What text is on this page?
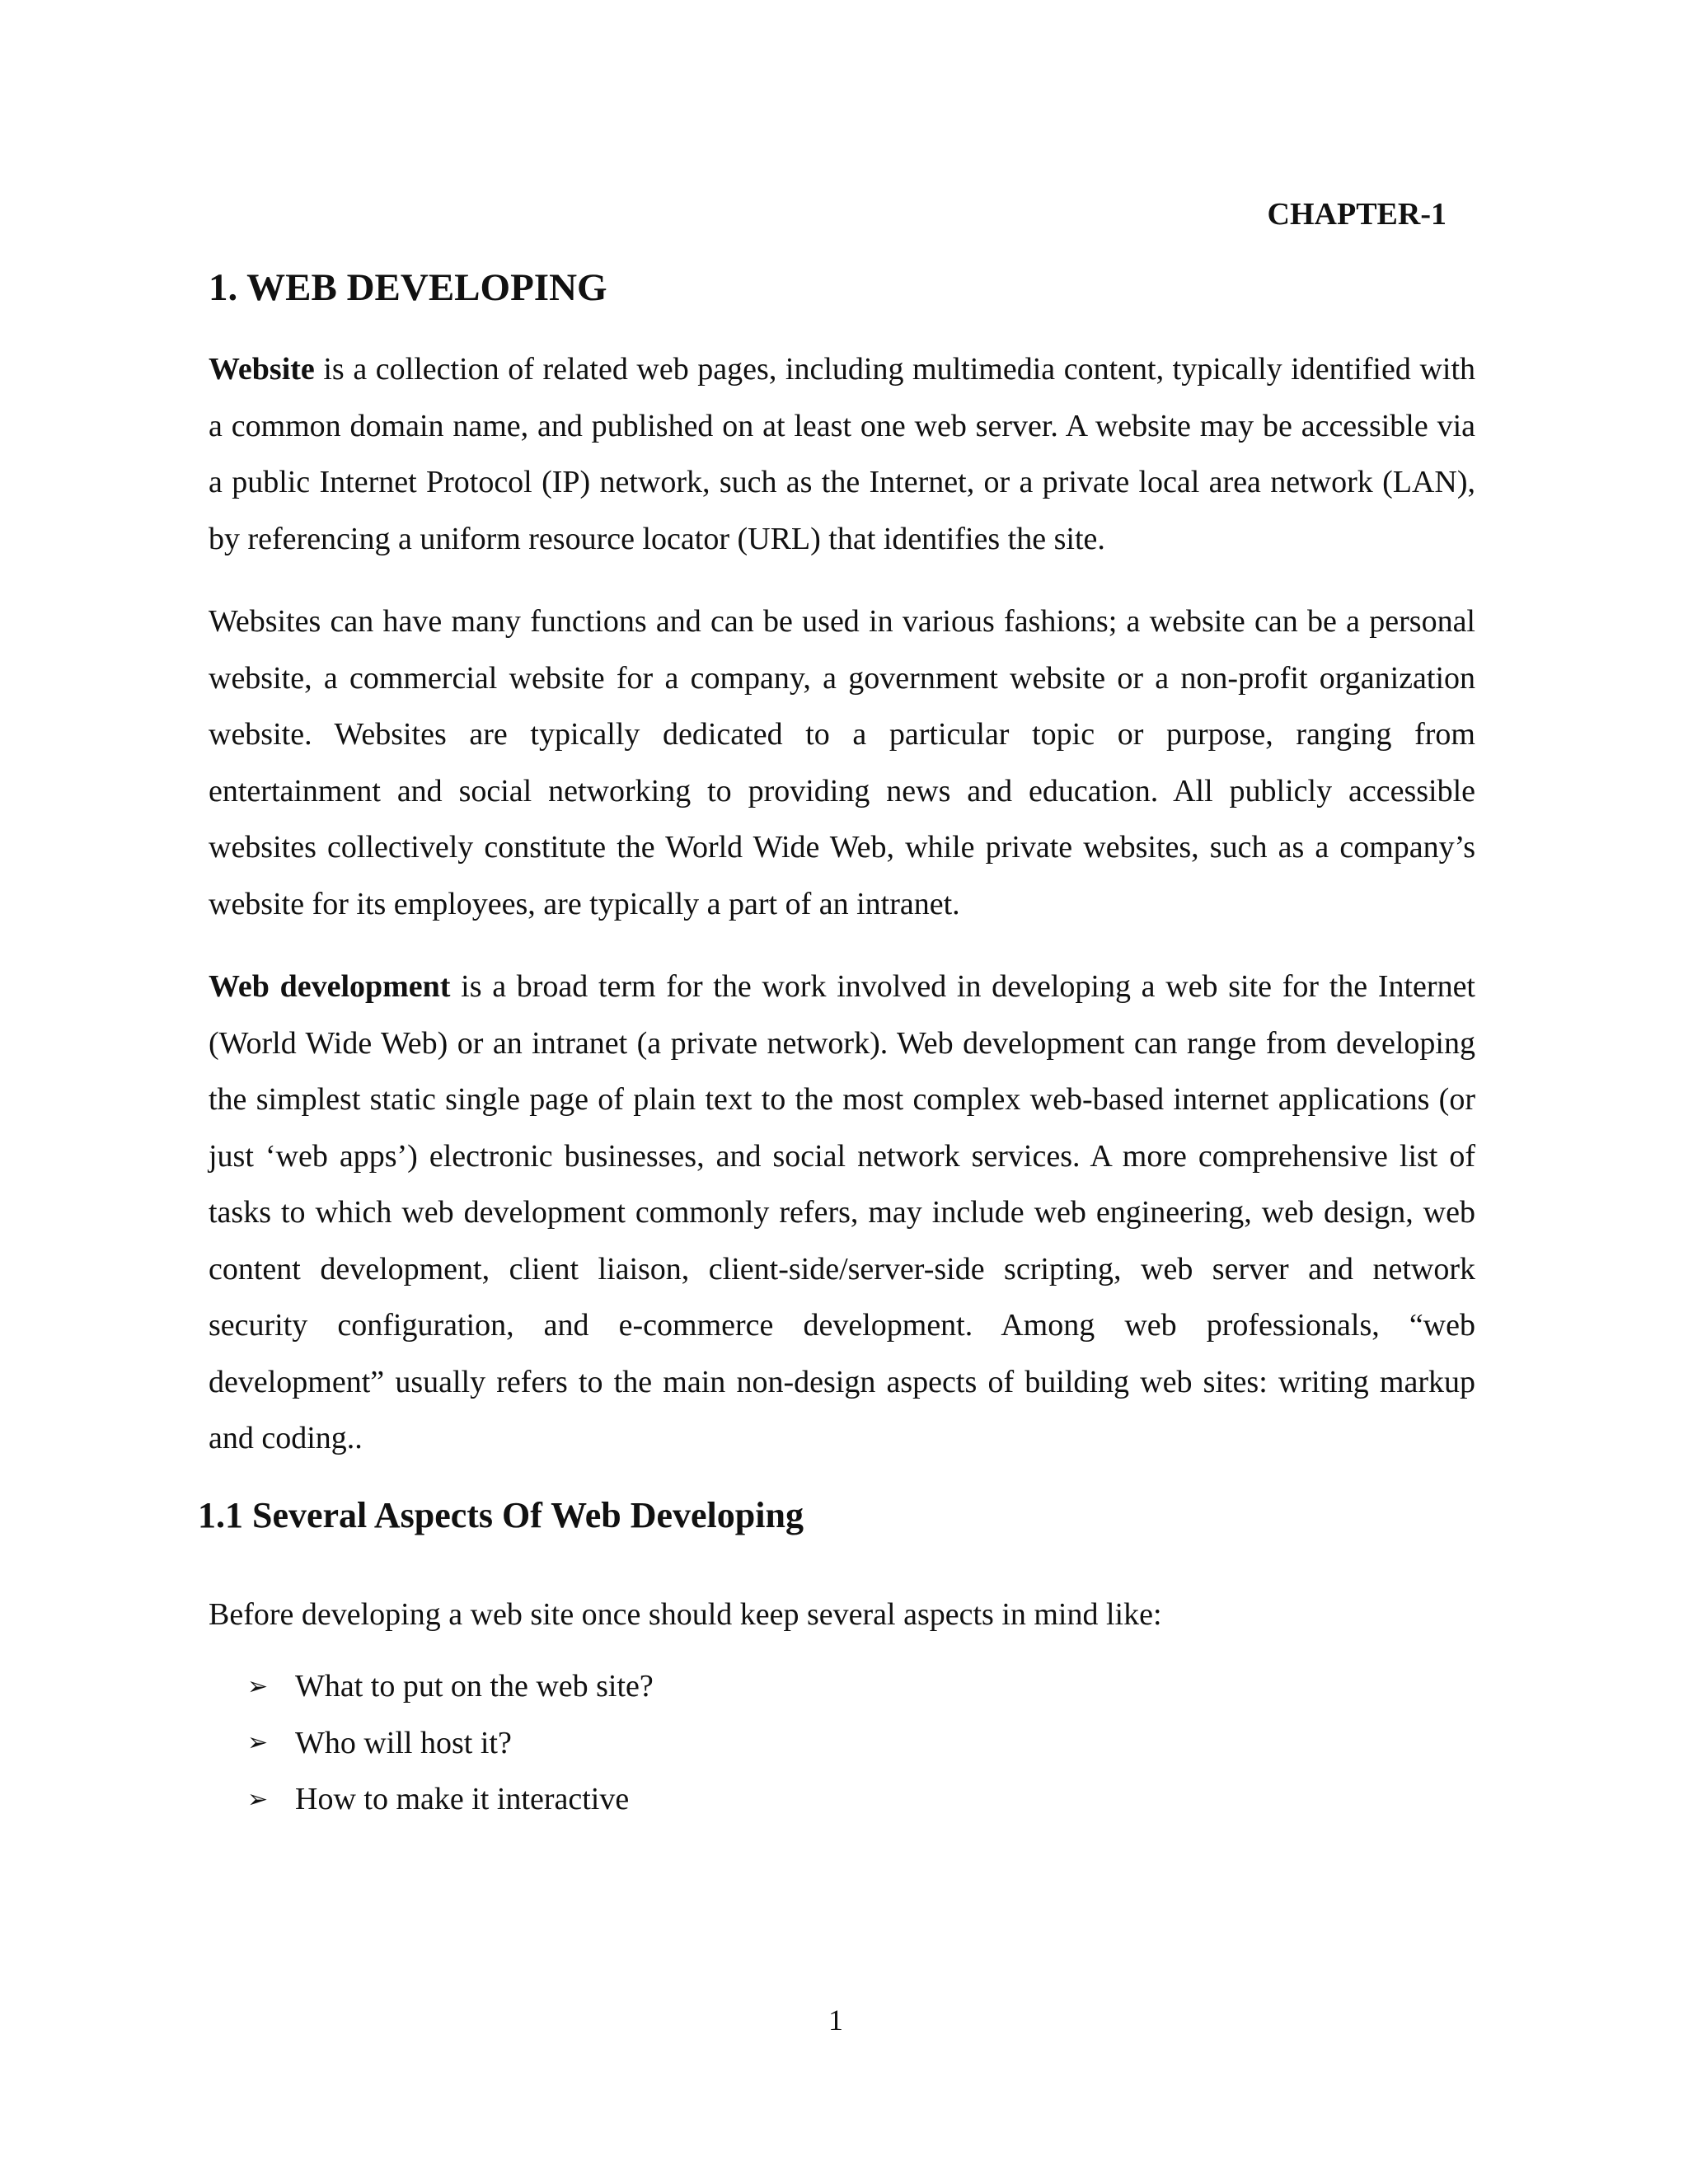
CHAPTER-1

1. WEB DEVELOPING

Website is a collection of related web pages, including multimedia content, typically identified with a common domain name, and published on at least one web server. A website may be accessible via a public Internet Protocol (IP) network, such as the Internet, or a private local area network (LAN), by referencing a uniform resource locator (URL) that identifies the site.

Websites can have many functions and can be used in various fashions; a website can be a personal website, a commercial website for a company, a government website or a non-profit organization website. Websites are typically dedicated to a particular topic or purpose, ranging from entertainment and social networking to providing news and education. All publicly accessible websites collectively constitute the World Wide Web, while private websites, such as a company’s website for its employees, are typically a part of an intranet.

Web development is a broad term for the work involved in developing a web site for the Internet (World Wide Web) or an intranet (a private network). Web development can range from developing the simplest static single page of plain text to the most complex web-based internet applications (or just ‘web apps’) electronic businesses, and social network services. A more comprehensive list of tasks to which web development commonly refers, may include web engineering, web design, web content development, client liaison, client-side/server-side scripting, web server and network security configuration, and e-commerce development. Among web professionals, “web development” usually refers to the main non-design aspects of building web sites: writing markup and coding..

1.1 Several Aspects Of Web Developing

Before developing a web site once should keep several aspects in mind like:

➢ What to put on the web site?
➢ Who will host it?
➢ How to make it interactive

1
